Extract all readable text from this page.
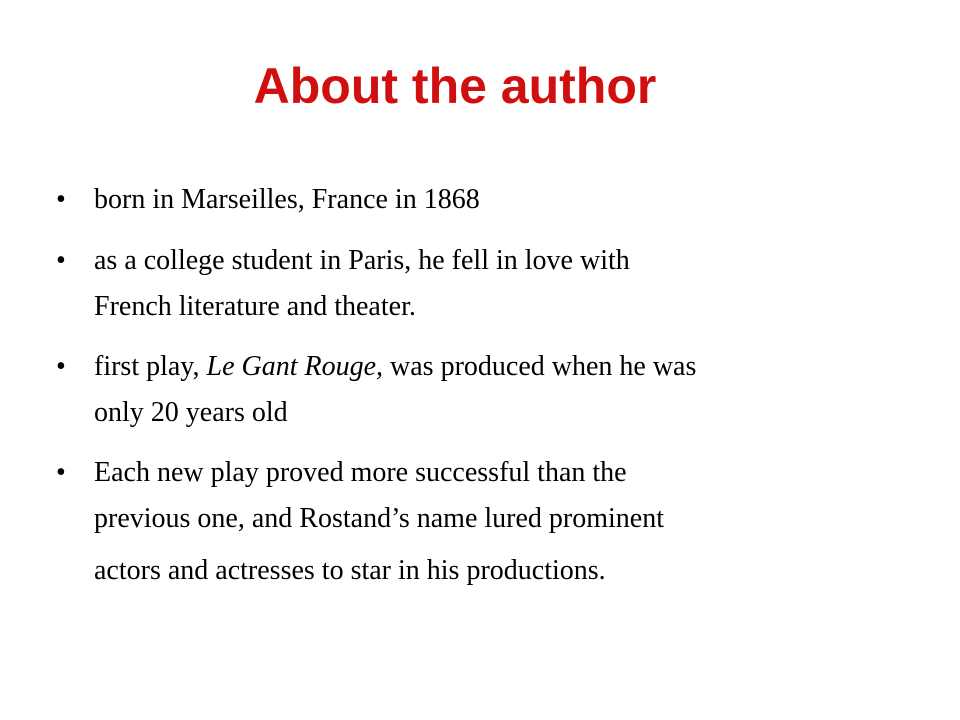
About the author
• born in Marseilles, France in 1868
• as a college student in Paris, he fell in love with
French literature and theater.
• first play, Le Gant Rouge, was produced when he was
only 20 years old
• Each new play proved more successful than the
previous one, and Rostand’s name lured prominent
actors and actresses to star in his productions.
